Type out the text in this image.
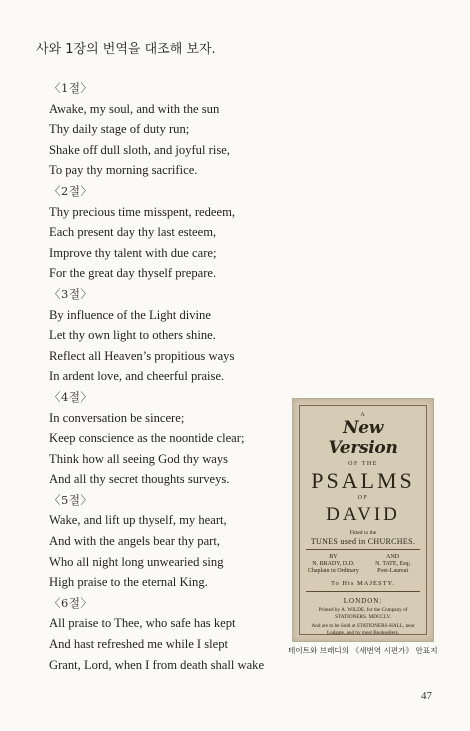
사와 1장의 번역을 대조해 보자.
〈1절〉
Awake, my soul, and with the sun
Thy daily stage of duty run;
Shake off dull sloth, and joyful rise,
To pay thy morning sacrifice.
〈2절〉
Thy precious time misspent, redeem,
Each present day thy last esteem,
Improve thy talent with due care;
For the great day thyself prepare.
〈3절〉
By influence of the Light divine
Let thy own light to others shine.
Reflect all Heaven’s propitious ways
In ardent love, and cheerful praise.
〈4절〉
In conversation be sincere;
Keep conscience as the noontide clear;
Think how all seeing God thy ways
And all thy secret thoughts surveys.
〈5절〉
Wake, and lift up thyself, my heart,
And with the angels bear thy part,
Who all night long unwearied sing
High praise to the eternal King.
〈6절〉
All praise to Thee, who safe has kept
And hast refreshed me while I slept
Grant, Lord, when I from death shall wake
A
New Version
OF THE
PSALMS
OF
DAVID
Fitted to the
TUNES used in CHURCHES.
BY
N. BRADY, D.D.
Chaplain in Ordinary
AND
N. TATE, Esq;
Poet-Laureat
To His MAJESTY.
LONDON:
Printed by A. WILDE, for the Company of STATIONERS. MDCCLV.
And are to be Sold at STATIONERS-HALL, near Ludgate, and by most Booksellers.
테이트와 브래디의 《새번역 시편가》 안표지
47
